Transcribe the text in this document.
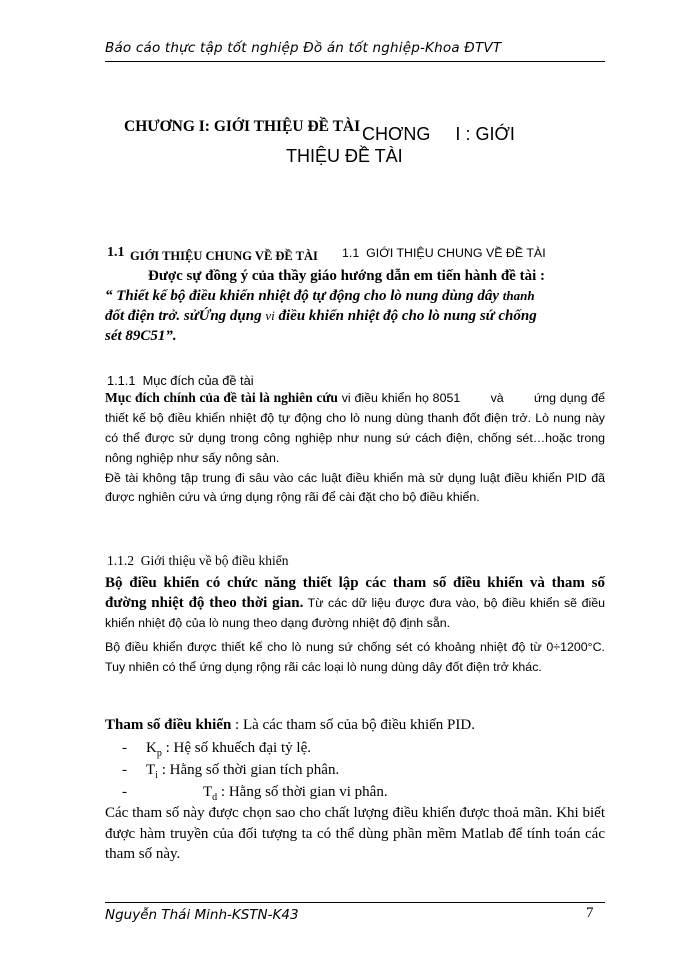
Báo cáo thực tập tốt nghiệp Đồ án tốt nghiệp-Khoa ĐTVT
CHƯƠNG I: GIỚI THIỆU ĐỀ TÀI CHƠNG     I : GIỚI
THIỆU ĐỀ TÀI
1.1 GIỚI THIỆU CHUNG VỀ ĐỀ TÀI 1.1  GIỚI THIỆU CHUNG VỀ ĐỀ TÀI
Được sự đồng ý của thầy giáo hướng dẫn em tiến hành đề tài :
“ Thiết kế bộ điều khiển nhiệt độ tự động cho lò nung dùng dây thanh
đốt điện trở. sửỨng dụng vi điều khiển nhiệt độ cho lò nung sứ chống
sét 89C51”.
1.1.1  Mục đích của đề tài
Mục đích chính của đề tài là nghiên cứu vi điều khiển họ 8051        và        ứng dụng để thiết kế bộ điều khiển nhiệt độ tự động cho lò nung dùng thanh đốt điện trở. Lò nung này có thể được sử dụng trong công nghiệp như nung sứ cách điện, chống sét…hoặc trong nông nghiệp như sấy nông sản.
Đề tài không tập trung đi sâu vào các luật điều khiển mà sử dụng luật điều khiển PID đã được nghiên cứu và ứng dụng rộng rãi để cài đặt cho bộ điều khiển.
1.1.2  Giới thiệu về bộ điều khiển
Bộ điều khiển có chức năng thiết lập các tham số điều khiển và tham số đường nhiệt độ theo thời gian. Từ các dữ liệu được đưa vào, bộ điều khiển sẽ điều khiển nhiệt độ của lò nung theo dạng đường nhiệt độ định sẵn.
Bộ điều khiển được thiết kế cho lò nung sứ chống sét có khoảng nhiệt độ từ 0÷1200°C. Tuy nhiên có thể ứng dụng rộng rãi các loại lò nung dùng dây đốt điện trở khác.
Tham số điều khiển : Là các tham số của bộ điều khiển PID.
- $K_p$ : Hệ số khuếch đại tỷ lệ.
- $T_i$ : Hằng số thời gian tích phân.
-	$T_d$ : Hằng số thời gian vi phân.
Các tham số này được chọn sao cho chất lượng điều khiển được thoả mãn. Khi biết được hàm truyền của đối tượng ta có thể dùng phần mềm Matlab để tính toán các tham số này.
Nguyễn Thái Minh-KSTN-K43	7
